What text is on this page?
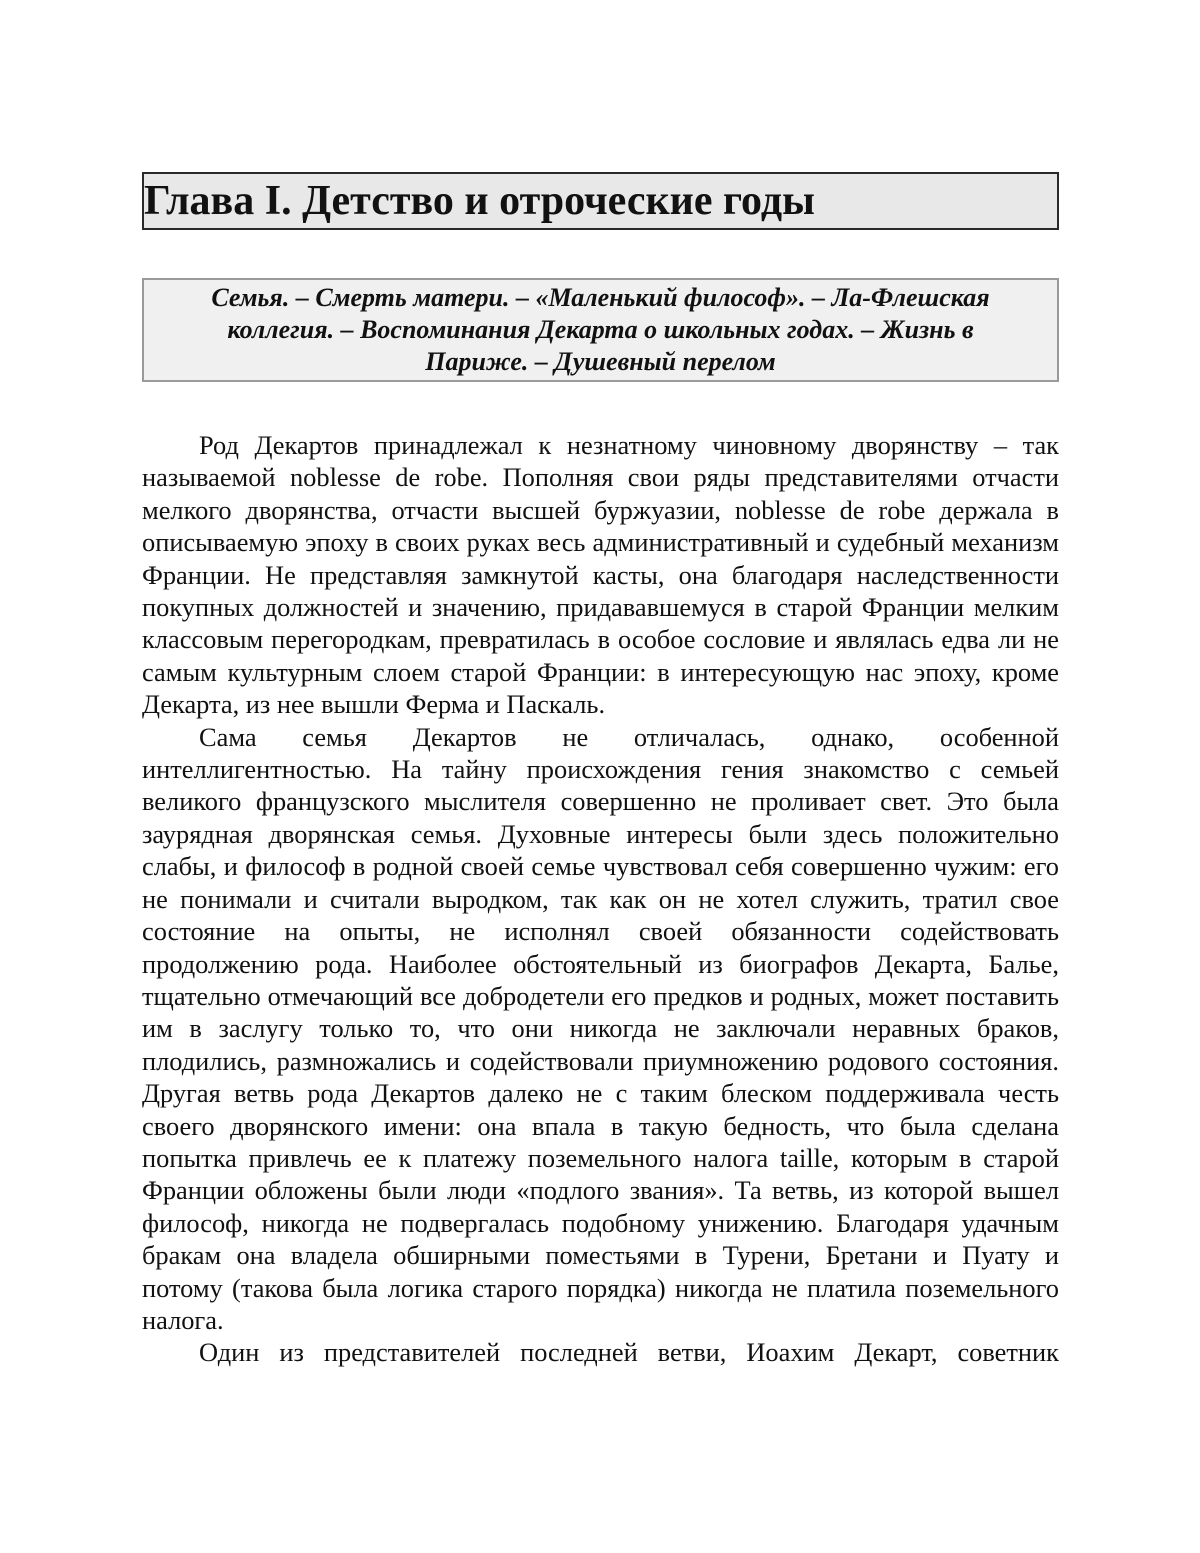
Глава I. Детство и отроческие годы
Семья. – Смерть матери. – «Маленький философ». – Ла-Флешская коллегия. – Воспоминания Декарта о школьных годах. – Жизнь в Париже. – Душевный перелом

Род Декартов принадлежал к незнатному чиновному дворянству – так называемой noblesse de robe. Пополняя свои ряды представителями отчасти мелкого дворянства, отчасти высшей буржуазии, noblesse de robe держала в описываемую эпоху в своих руках весь административный и судебный механизм Франции. Не представляя замкнутой касты, она благодаря наследственности покупных должностей и значению, придававшемуся в старой Франции мелким классовым перегородкам, превратилась в особое сословие и являлась едва ли не самым культурным слоем старой Франции: в интересующую нас эпоху, кроме Декарта, из нее вышли Ферма и Паскаль.

Сама семья Декартов не отличалась, однако, особенной интеллигентностью. На тайну происхождения гения знакомство с семьей великого французского мыслителя совершенно не проливает свет. Это была заурядная дворянская семья. Духовные интересы были здесь положительно слабы, и философ в родной своей семье чувствовал себя совершенно чужим: его не понимали и считали выродком, так как он не хотел служить, тратил свое состояние на опыты, не исполнял своей обязанности содействовать продолжению рода. Наиболее обстоятельный из биографов Декарта, Балье, тщательно отмечающий все добродетели его предков и родных, может поставить им в заслугу только то, что они никогда не заключали неравных браков, плодились, размножались и содействовали приумножению родового состояния. Другая ветвь рода Декартов далеко не с таким блеском поддерживала честь своего дворянского имени: она впала в такую бедность, что была сделана попытка привлечь ее к платежу поземельного налога taille, которым в старой Франции обложены были люди «подлого звания». Та ветвь, из которой вышел философ, никогда не подвергалась подобному унижению. Благодаря удачным бракам она владела обширными поместьями в Турени, Бретани и Пуату и потому (такова была логика старого порядка) никогда не платила поземельного налога.

Один из представителей последней ветви, Иоахим Декарт, советник
